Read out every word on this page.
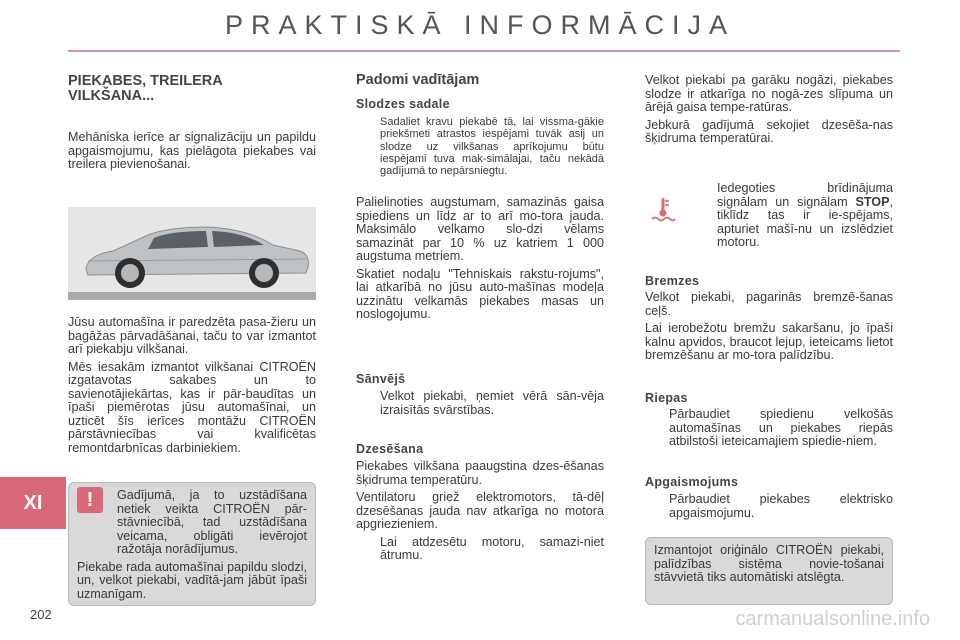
PRAKTISKĀ INFORMĀCIJA
XI
202	carmanualsonline.info
PIEKABES, TREILERA VILKŠANA...

Mehāniska ierīce ar signalizāciju un papildu apgaismojumu, kas pielāgota piekabes vai treilera pievienošanai.

Jūsu automašīna ir paredzēta pasa-žieru un bagāžas pārvadāšanai, taču to var izmantot arī piekabju vilkšanai.

Mēs iesakām izmantot vilkšanai CITROËN izgatavotas sakabes un to savienotājiekārtas, kas ir pār-baudītas un īpaši piemērotas jūsu automašīnai, un uzticēt šīs ierīces montāžu CITROËN pārstāvniecības vai kvalificētas remontdarbnīcas darbiniekiem.

Gadījumā, ja to uzstādīšana netiek veikta CITROËN pār-stāvniecībā, tad uzstādīšana veicama, obligāti ievērojot ražotāja norādījumus.

Piekabe rada automašīnai papildu slodzi, un, velkot piekabi, vadītā-jam jābūt īpaši uzmanīgam.

!
Padomi vadītājam
Slodzes sadale
Sadaliet kravu piekabē tā, lai vissma-gākie priekšmeti atrastos iespējami tuvāk asij un slodze uz vilkšanas aprīkojumu būtu iespējami tuva mak-simālajai, taču nekādā gadījumā to nepārsniegtu.

Palielinoties augstumam, samazinās gaisa spiediens un līdz ar to arī mo-tora jauda. Maksimālo velkamo slo-dzi vēlams samazināt par 10 % uz katriem 1 000 augstuma metriem.

Skatiet nodaļu "Tehniskais rakstu-rojums", lai atkarībā no jūsu auto-mašīnas modeļa uzzinātu velkamās piekabes masas un noslogojumu.

Sānvējš
Velkot piekabi, ņemiet vērā sān-vēja izraisītās svārstības.
Dzesēšana

Piekabes vilkšana paaugstina dzes-ēšanas šķidruma temperatūru.

Ventilatoru griež elektromotors, tā-dēļ dzesēšanas jauda nav atkarīga no motora apgriezieniem.

Lai atdzesētu motoru, samazi-niet ātrumu.

Velkot piekabi pa garāku nogāzi, piekabes slodze ir atkarīga no nogā-zes slīpuma un ārējā gaisa tempe-ratūras.

Jebkurā gadījumā sekojiet dzesēša-nas šķidruma temperatūrai.

Iedegoties brīdinājuma signālam un signālam STOP, tiklīdz tas ir ie-spējams, apturiet mašī-nu un izslēdziet motoru.
Bremzes

Velkot piekabi, pagarinās bremzē-šanas ceļš.

Lai ierobežotu bremžu sakaršanu, jo īpaši kalnu apvidos, braucot lejup, ieteicams lietot bremzēšanu ar mo-tora palīdzību.

Riepas
Pārbaudiet spiedienu velkošās automašīnas un piekabes riepās atbilstoši ieteicamajiem spiedie-niem.
Apgaismojums
Pārbaudiet piekabes elektrisko apgaismojumu.

Izmantojot oriģinālo CITROËN piekabi, palīdzības sistēma novie-tošanai stāvvietā tiks automātiski atslēgta.
